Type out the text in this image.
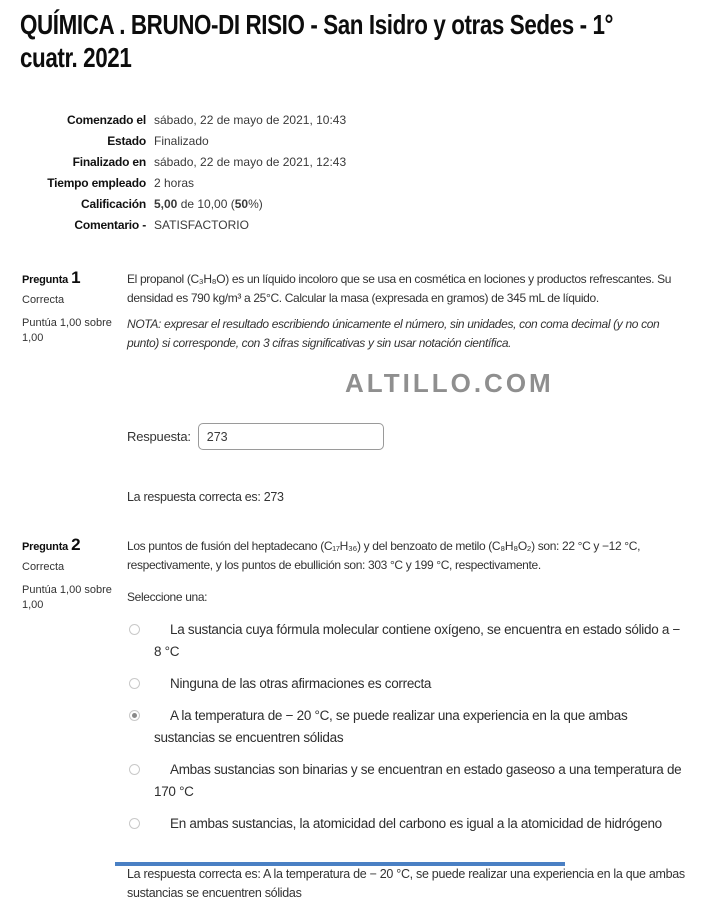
QUÍMICA . BRUNO-DI RISIO - San Isidro y otras Sedes - 1°
cuatr. 2021
Comenzado el sábado, 22 de mayo de 2021, 10:43
Estado Finalizado
Finalizado en sábado, 22 de mayo de 2021, 12:43
Tiempo empleado 2 horas
Calificación 5,00 de 10,00 (50%)
Comentario - SATISFACTORIO
Pregunta 1
Correcta
Puntúa 1,00 sobre 1,00
El propanol (C₃H₈O) es un líquido incoloro que se usa en cosmética en lociones y productos refrescantes. Su densidad es 790 kg/m³ a 25°C. Calcular la masa (expresada en gramos) de 345 mL de líquido.
NOTA: expresar el resultado escribiendo únicamente el número, sin unidades, con coma decimal (y no con punto) si corresponde, con 3 cifras significativas y sin usar notación científica.
Respuesta:
273
La respuesta correcta es: 273
ALTILLO.COM
Pregunta 2
Correcta
Puntúa 1,00 sobre 1,00
Los puntos de fusión del heptadecano (C₁₇H₃₆) y del benzoato de metilo (C₈H₈O₂) son: 22 °C y −12 °C, respectivamente, y los puntos de ebullición son: 303 °C y 199 °C, respectivamente.
Seleccione una:
La sustancia cuya fórmula molecular contiene oxígeno, se encuentra en estado sólido a − 8 °C
Ninguna de las otras afirmaciones es correcta
A la temperatura de − 20 °C, se puede realizar una experiencia en la que ambas sustancias se encuentren sólidas
Ambas sustancias son binarias y se encuentran en estado gaseoso a una temperatura de 170 °C
En ambas sustancias, la atomicidad del carbono es igual a la atomicidad de hidrógeno
La respuesta correcta es: A la temperatura de − 20 °C, se puede realizar una experiencia en la que ambas sustancias se encuentren sólidas
